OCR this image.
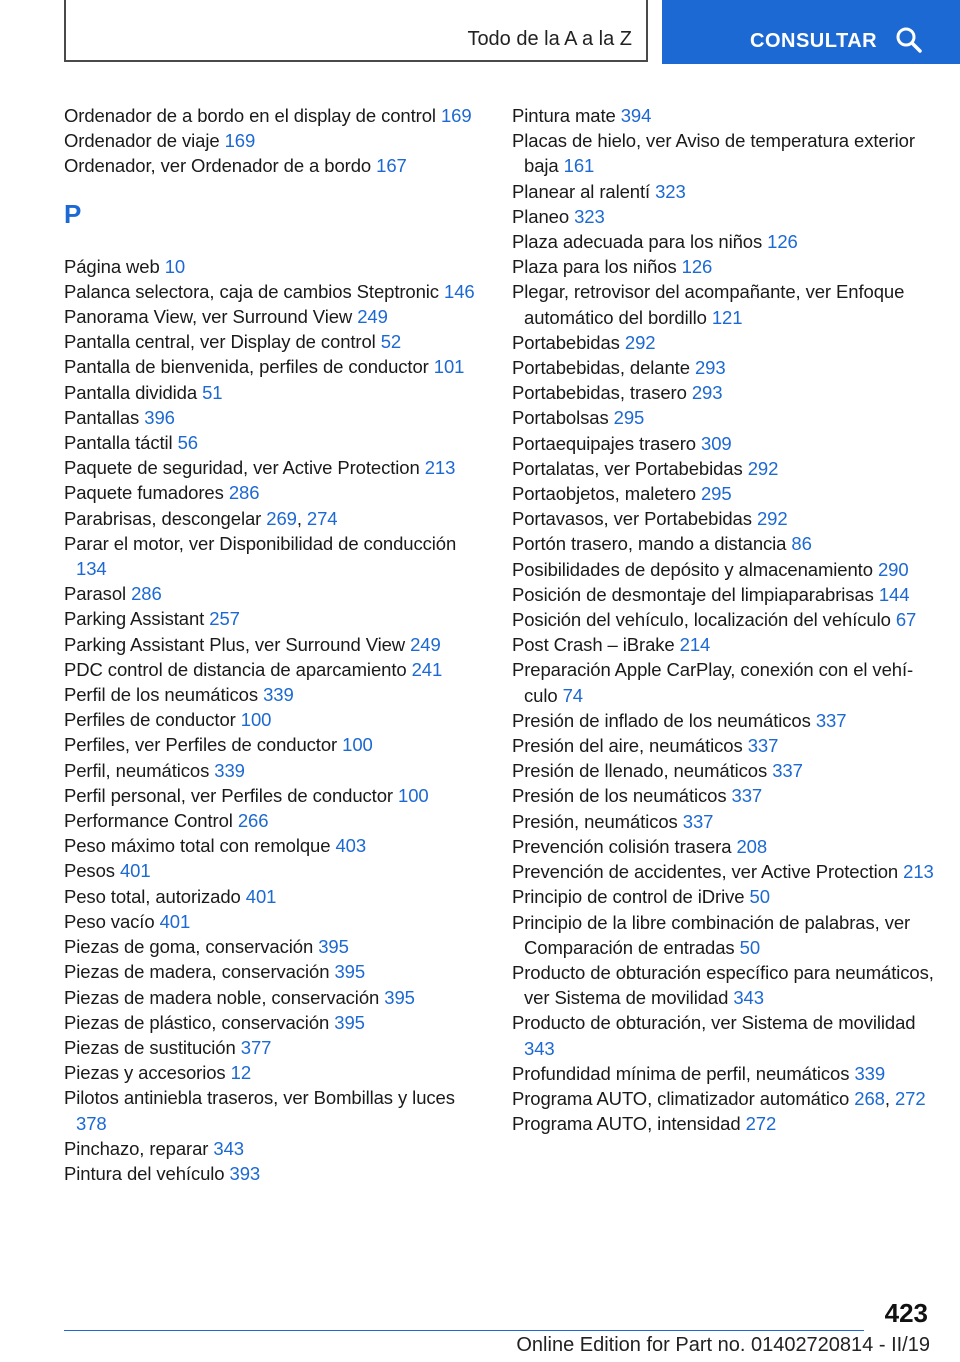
Todo de la A a la Z	CONSULTAR
Ordenador de a bordo en el display de control 169
Ordenador de viaje 169
Ordenador, ver Ordenador de a bordo 167
P
Página web 10
Palanca selectora, caja de cambios Steptronic 146
Panorama View, ver Surround View 249
Pantalla central, ver Display de control 52
Pantalla de bienvenida, perfiles de conductor 101
Pantalla dividida 51
Pantallas 396
Pantalla táctil 56
Paquete de seguridad, ver Active Protection 213
Paquete fumadores 286
Parabrisas, descongelar 269, 274
Parar el motor, ver Disponibilidad de conducción 134
Parasol 286
Parking Assistant 257
Parking Assistant Plus, ver Surround View 249
PDC control de distancia de aparcamiento 241
Perfil de los neumáticos 339
Perfiles de conductor 100
Perfiles, ver Perfiles de conductor 100
Perfil, neumáticos 339
Perfil personal, ver Perfiles de conductor 100
Performance Control 266
Peso máximo total con remolque 403
Pesos 401
Peso total, autorizado 401
Peso vacío 401
Piezas de goma, conservación 395
Piezas de madera, conservación 395
Piezas de madera noble, conservación 395
Piezas de plástico, conservación 395
Piezas de sustitución 377
Piezas y accesorios 12
Pilotos antiniebla traseros, ver Bombillas y luces 378
Pinchazo, reparar 343
Pintura del vehículo 393
Pintura mate 394
Placas de hielo, ver Aviso de temperatura exterior baja 161
Planear al ralentí 323
Planeo 323
Plaza adecuada para los niños 126
Plaza para los niños 126
Plegar, retrovisor del acompañante, ver Enfoque automático del bordillo 121
Portabebidas 292
Portabebidas, delante 293
Portabebidas, trasero 293
Portabolsas 295
Portaequipajes trasero 309
Portalatas, ver Portabebidas 292
Portaobjetos, maletero 295
Portavasos, ver Portabebidas 292
Portón trasero, mando a distancia 86
Posibilidades de depósito y almacenamiento 290
Posición de desmontaje del limpiaparabrisas 144
Posición del vehículo, localización del vehículo 67
Post Crash – iBrake 214
Preparación Apple CarPlay, conexión con el vehículo 74
Presión de inflado de los neumáticos 337
Presión del aire, neumáticos 337
Presión de llenado, neumáticos 337
Presión de los neumáticos 337
Presión, neumáticos 337
Prevención colisión trasera 208
Prevención de accidentes, ver Active Protection 213
Principio de control de iDrive 50
Principio de la libre combinación de palabras, ver Comparación de entradas 50
Producto de obturación específico para neumáticos, ver Sistema de movilidad 343
Producto de obturación, ver Sistema de movilidad 343
Profundidad mínima de perfil, neumáticos 339
Programa AUTO, climatizador automático 268, 272
Programa AUTO, intensidad 272
423
Online Edition for Part no. 01402720814 - II/19
